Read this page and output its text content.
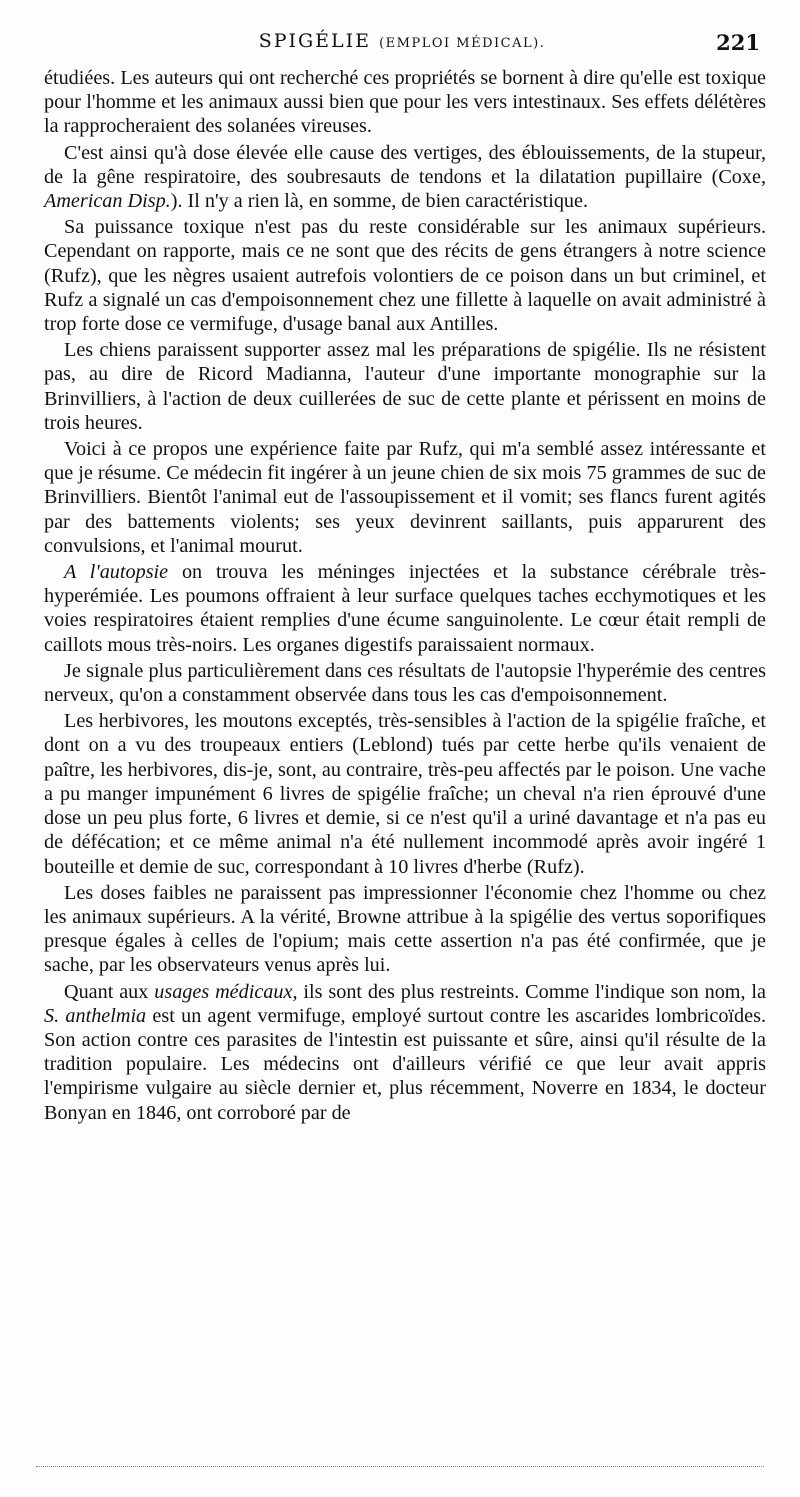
SPIGÉLIE (EMPLOI MÉDICAL).	221

étudiées. Les auteurs qui ont recherché ces propriétés se bornent à dire qu'elle est toxique pour l'homme et les animaux aussi bien que pour les vers intestinaux. Ses effets délétères la rapprocheraient des solanées vireuses.

C'est ainsi qu'à dose élevée elle cause des vertiges, des éblouissements, de la stupeur, de la gêne respiratoire, des soubresauts de tendons et la dilatation pupillaire (Coxe, American Disp.). Il n'y a rien là, en somme, de bien caractéristique.

Sa puissance toxique n'est pas du reste considérable sur les animaux supérieurs. Cependant on rapporte, mais ce ne sont que des récits de gens étrangers à notre science (Rufz), que les nègres usaient autrefois volontiers de ce poison dans un but criminel, et Rufz a signalé un cas d'empoisonnement chez une fillette à laquelle on avait administré à trop forte dose ce vermifuge, d'usage banal aux Antilles.

Les chiens paraissent supporter assez mal les préparations de spigélie. Ils ne résistent pas, au dire de Ricord Madianna, l'auteur d'une importante monographie sur la Brinvilliers, à l'action de deux cuillerées de suc de cette plante et périssent en moins de trois heures.

Voici à ce propos une expérience faite par Rufz, qui m'a semblé assez intéressante et que je résume. Ce médecin fit ingérer à un jeune chien de six mois 75 grammes de suc de Brinvilliers. Bientôt l'animal eut de l'assoupissement et il vomit; ses flancs furent agités par des battements violents; ses yeux devinrent saillants, puis apparurent des convulsions, et l'animal mourut.

A l'autopsie on trouva les méninges injectées et la substance cérébrale très-hyperémiée. Les poumons offraient à leur surface quelques taches ecchymotiques et les voies respiratoires étaient remplies d'une écume sanguinolente. Le cœur était rempli de caillots mous très-noirs. Les organes digestifs paraissaient normaux.

Je signale plus particulièrement dans ces résultats de l'autopsie l'hyperémie des centres nerveux, qu'on a constamment observée dans tous les cas d'empoisonnement.

Les herbivores, les moutons exceptés, très-sensibles à l'action de la spigélie fraîche, et dont on a vu des troupeaux entiers (Leblond) tués par cette herbe qu'ils venaient de paître, les herbivores, dis-je, sont, au contraire, très-peu affectés par le poison. Une vache a pu manger impunément 6 livres de spigélie fraîche; un cheval n'a rien éprouvé d'une dose un peu plus forte, 6 livres et demie, si ce n'est qu'il a uriné davantage et n'a pas eu de défécation; et ce même animal n'a été nullement incommodé après avoir ingéré 1 bouteille et demie de suc, correspondant à 10 livres d'herbe (Rufz).

Les doses faibles ne paraissent pas impressionner l'économie chez l'homme ou chez les animaux supérieurs. A la vérité, Browne attribue à la spigélie des vertus soporifiques presque égales à celles de l'opium; mais cette assertion n'a pas été confirmée, que je sache, par les observateurs venus après lui.

Quant aux usages médicaux, ils sont des plus restreints. Comme l'indique son nom, la S. anthelmia est un agent vermifuge, employé surtout contre les ascarides lombricoïdes. Son action contre ces parasites de l'intestin est puissante et sûre, ainsi qu'il résulte de la tradition populaire. Les médecins ont d'ailleurs vérifié ce que leur avait appris l'empirisme vulgaire au siècle dernier et, plus récemment, Noverre en 1834, le docteur Bonyan en 1846, ont corroboré par de
